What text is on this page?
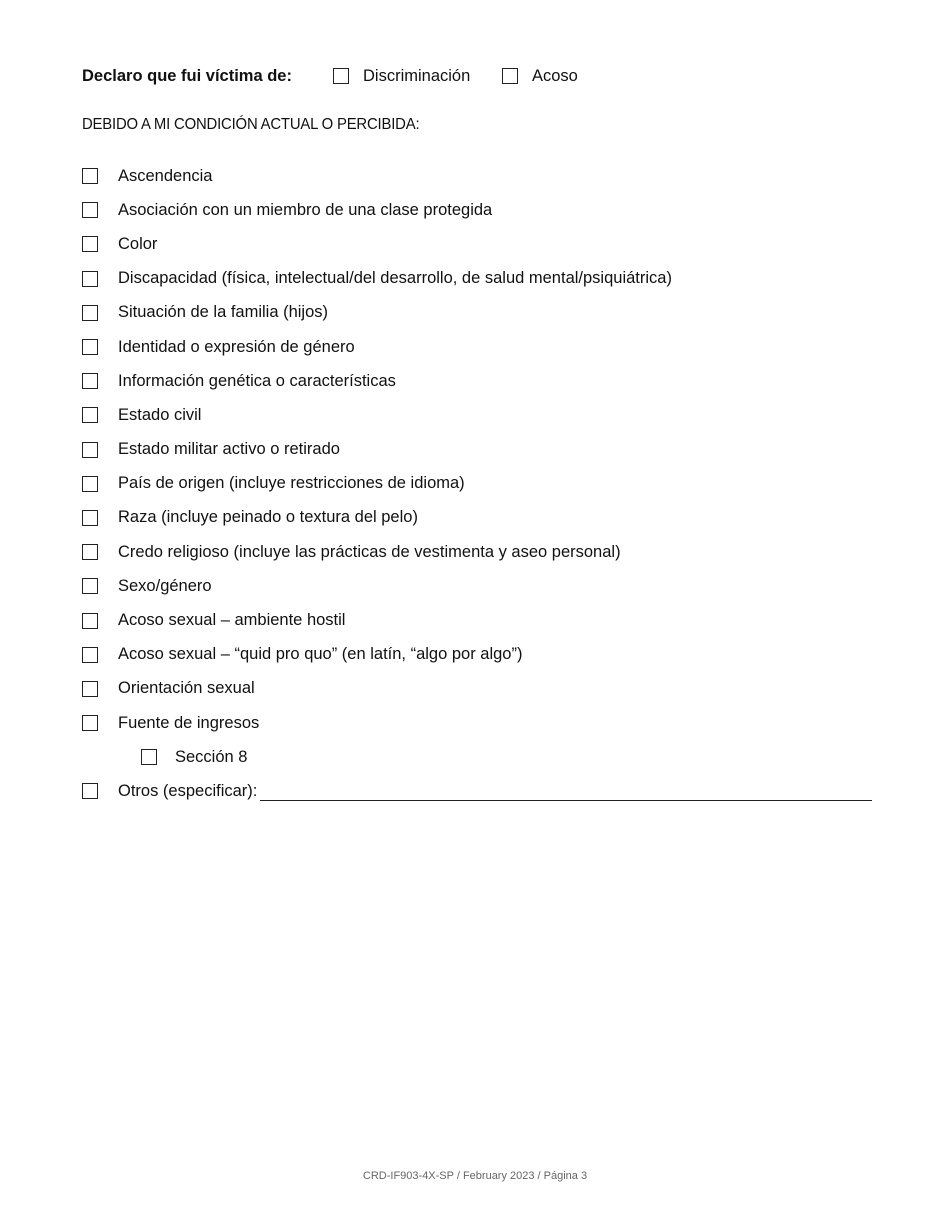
Declaro que fui víctima de:	Discriminación	Acoso
DEBIDO A MI CONDICIÓN ACTUAL O PERCIBIDA:
Ascendencia
Asociación con un miembro de una clase protegida
Color
Discapacidad (física, intelectual/del desarrollo, de salud mental/psiquiátrica)
Situación de la familia (hijos)
Identidad o expresión de género
Información genética o características
Estado civil
Estado militar activo o retirado
País de origen (incluye restricciones de idioma)
Raza (incluye peinado o textura del pelo)
Credo religioso (incluye las prácticas de vestimenta y aseo personal)
Sexo/género
Acoso sexual – ambiente hostil
Acoso sexual – “quid pro quo” (en latín, “algo por algo”)
Orientación sexual
Fuente de ingresos
Sección 8
Otros (especificar):
CRD-IF903-4X-SP / February 2023 / Página 3
